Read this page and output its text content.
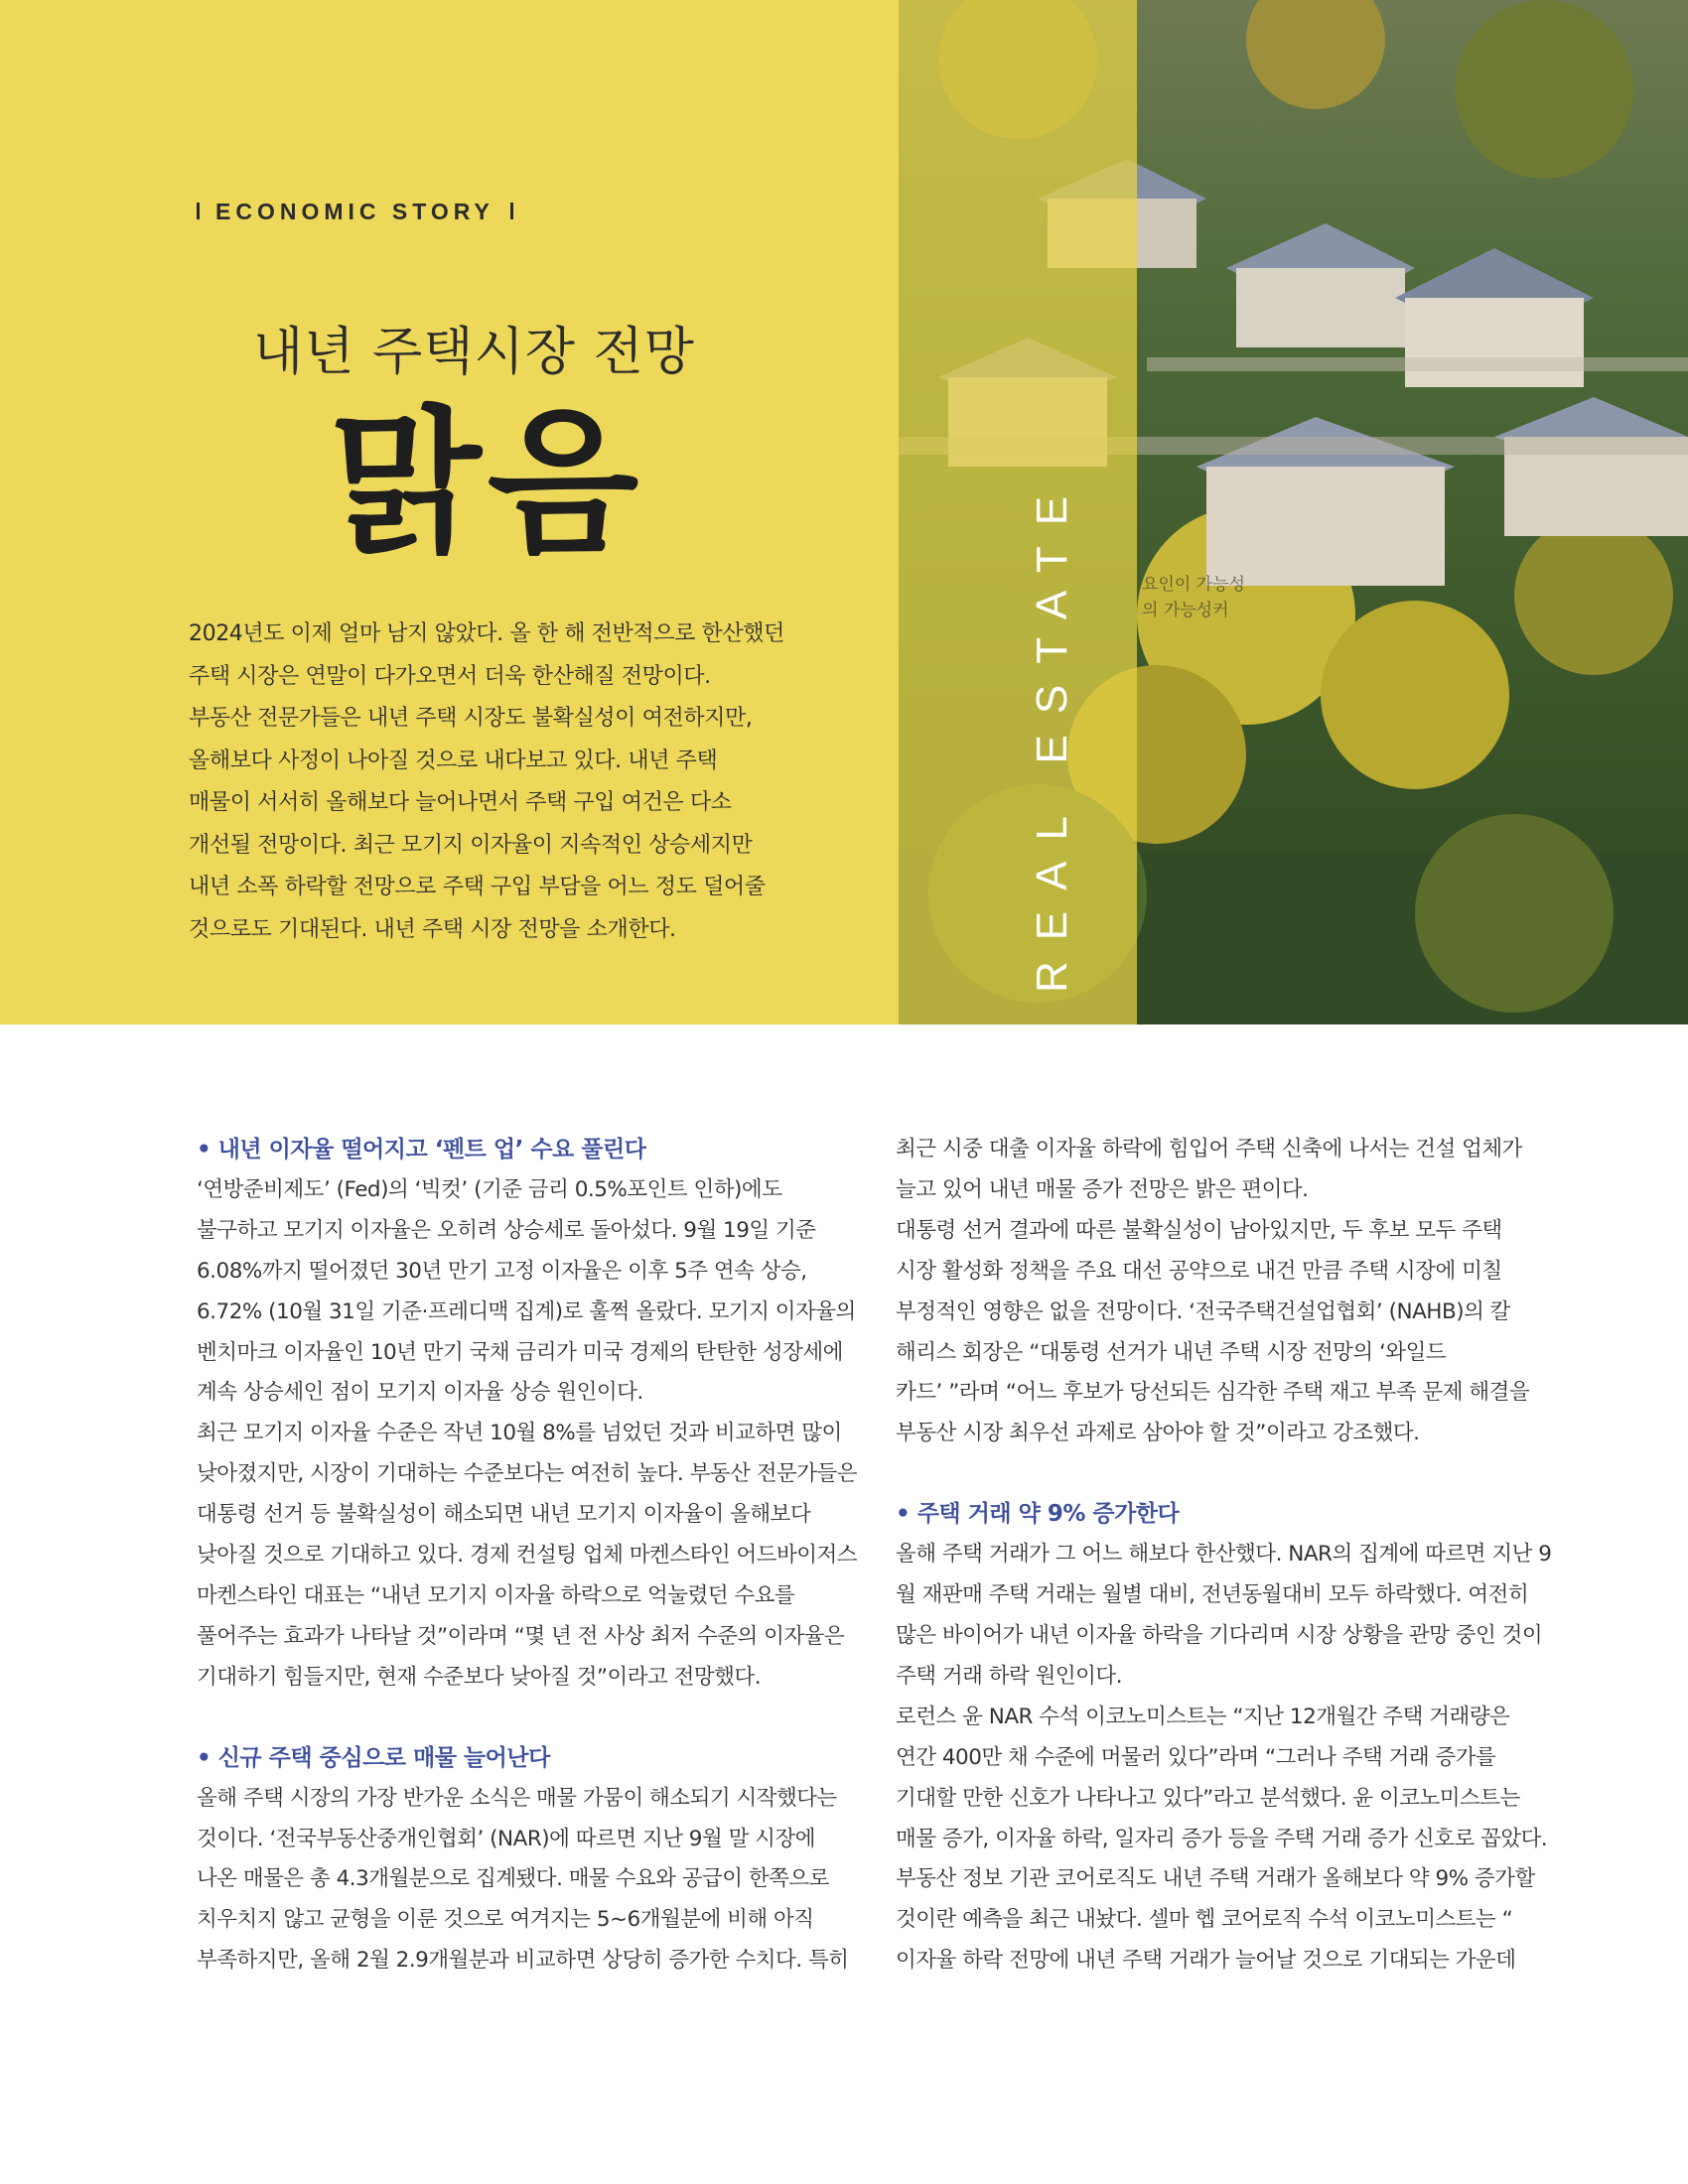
ECONOMIC STORY
내년 주택시장 전망
맑음

2024년도 이제 얼마 남지 않았다. 올 한 해 전반적으로 한산했던

주택 시장은 연말이 다가오면서 더욱 한산해질 전망이다.

부동산 전문가들은 내년 주택 시장도 불확실성이 여전하지만,

올해보다 사정이 나아질 것으로 내다보고 있다. 내년 주택

매물이 서서히 올해보다 늘어나면서 주택 구입 여건은 다소

개선될 전망이다. 최근 모기지 이자율이 지속적인 상승세지만

내년 소폭 하락할 전망으로 주택 구입 부담을 어느 정도 덜어줄

것으로도 기대된다. 내년 주택 시장 전망을 소개한다.

요인이 가능성
의 가능성커
REAL ESTATE

• 내년 이자율 떨어지고 ‘펜트 업’ 수요 풀린다

‘연방준비제도’ (Fed)의 ‘빅컷’ (기준 금리 0.5%포인트 인하)에도

불구하고 모기지 이자율은 오히려 상승세로 돌아섰다. 9월 19일 기준

6.08%까지 떨어졌던 30년 만기 고정 이자율은 이후 5주 연속 상승,

6.72% (10월 31일 기준·프레디맥 집계)로 훌쩍 올랐다. 모기지 이자율의

벤치마크 이자율인 10년 만기 국채 금리가 미국 경제의 탄탄한 성장세에

계속 상승세인 점이 모기지 이자율 상승 원인이다.

최근 모기지 이자율 수준은 작년 10월 8%를 넘었던 것과 비교하면 많이

낮아졌지만, 시장이 기대하는 수준보다는 여전히 높다. 부동산 전문가들은

대통령 선거 등 불확실성이 해소되면 내년 모기지 이자율이 올해보다

낮아질 것으로 기대하고 있다. 경제 컨설팅 업체 마켄스타인 어드바이저스

마켄스타인 대표는 “내년 모기지 이자율 하락으로 억눌렸던 수요를

풀어주는 효과가 나타날 것”이라며 “몇 년 전 사상 최저 수준의 이자율은

기대하기 힘들지만, 현재 수준보다 낮아질 것”이라고 전망했다.

• 신규 주택 중심으로 매물 늘어난다

올해 주택 시장의 가장 반가운 소식은 매물 가뭄이 해소되기 시작했다는

것이다. ‘전국부동산중개인협회’ (NAR)에 따르면 지난 9월 말 시장에

나온 매물은 총 4.3개월분으로 집계됐다. 매물 수요와 공급이 한쪽으로

치우치지 않고 균형을 이룬 것으로 여겨지는 5~6개월분에 비해 아직

부족하지만, 올해 2월 2.9개월분과 비교하면 상당히 증가한 수치다. 특히

최근 시중 대출 이자율 하락에 힘입어 주택 신축에 나서는 건설 업체가

늘고 있어 내년 매물 증가 전망은 밝은 편이다.

대통령 선거 결과에 따른 불확실성이 남아있지만, 두 후보 모두 주택

시장 활성화 정책을 주요 대선 공약으로 내건 만큼 주택 시장에 미칠

부정적인 영향은 없을 전망이다. ‘전국주택건설업협회’ (NAHB)의 칼

해리스 회장은 “대통령 선거가 내년 주택 시장 전망의 ‘와일드

카드’ ”라며 “어느 후보가 당선되든 심각한 주택 재고 부족 문제 해결을

부동산 시장 최우선 과제로 삼아야 할 것”이라고 강조했다.

• 주택 거래 약 9% 증가한다

올해 주택 거래가 그 어느 해보다 한산했다. NAR의 집계에 따르면 지난 9

월 재판매 주택 거래는 월별 대비, 전년동월대비 모두 하락했다. 여전히

많은 바이어가 내년 이자율 하락을 기다리며 시장 상황을 관망 중인 것이

주택 거래 하락 원인이다.

로런스 윤 NAR 수석 이코노미스트는 “지난 12개월간 주택 거래량은

연간 400만 채 수준에 머물러 있다”라며 “그러나 주택 거래 증가를

기대할 만한 신호가 나타나고 있다”라고 분석했다. 윤 이코노미스트는

매물 증가, 이자율 하락, 일자리 증가 등을 주택 거래 증가 신호로 꼽았다.

부동산 정보 기관 코어로직도 내년 주택 거래가 올해보다 약 9% 증가할

것이란 예측을 최근 내놨다. 셀마 헵 코어로직 수석 이코노미스트는 “

이자율 하락 전망에 내년 주택 거래가 늘어날 것으로 기대되는 가운데
